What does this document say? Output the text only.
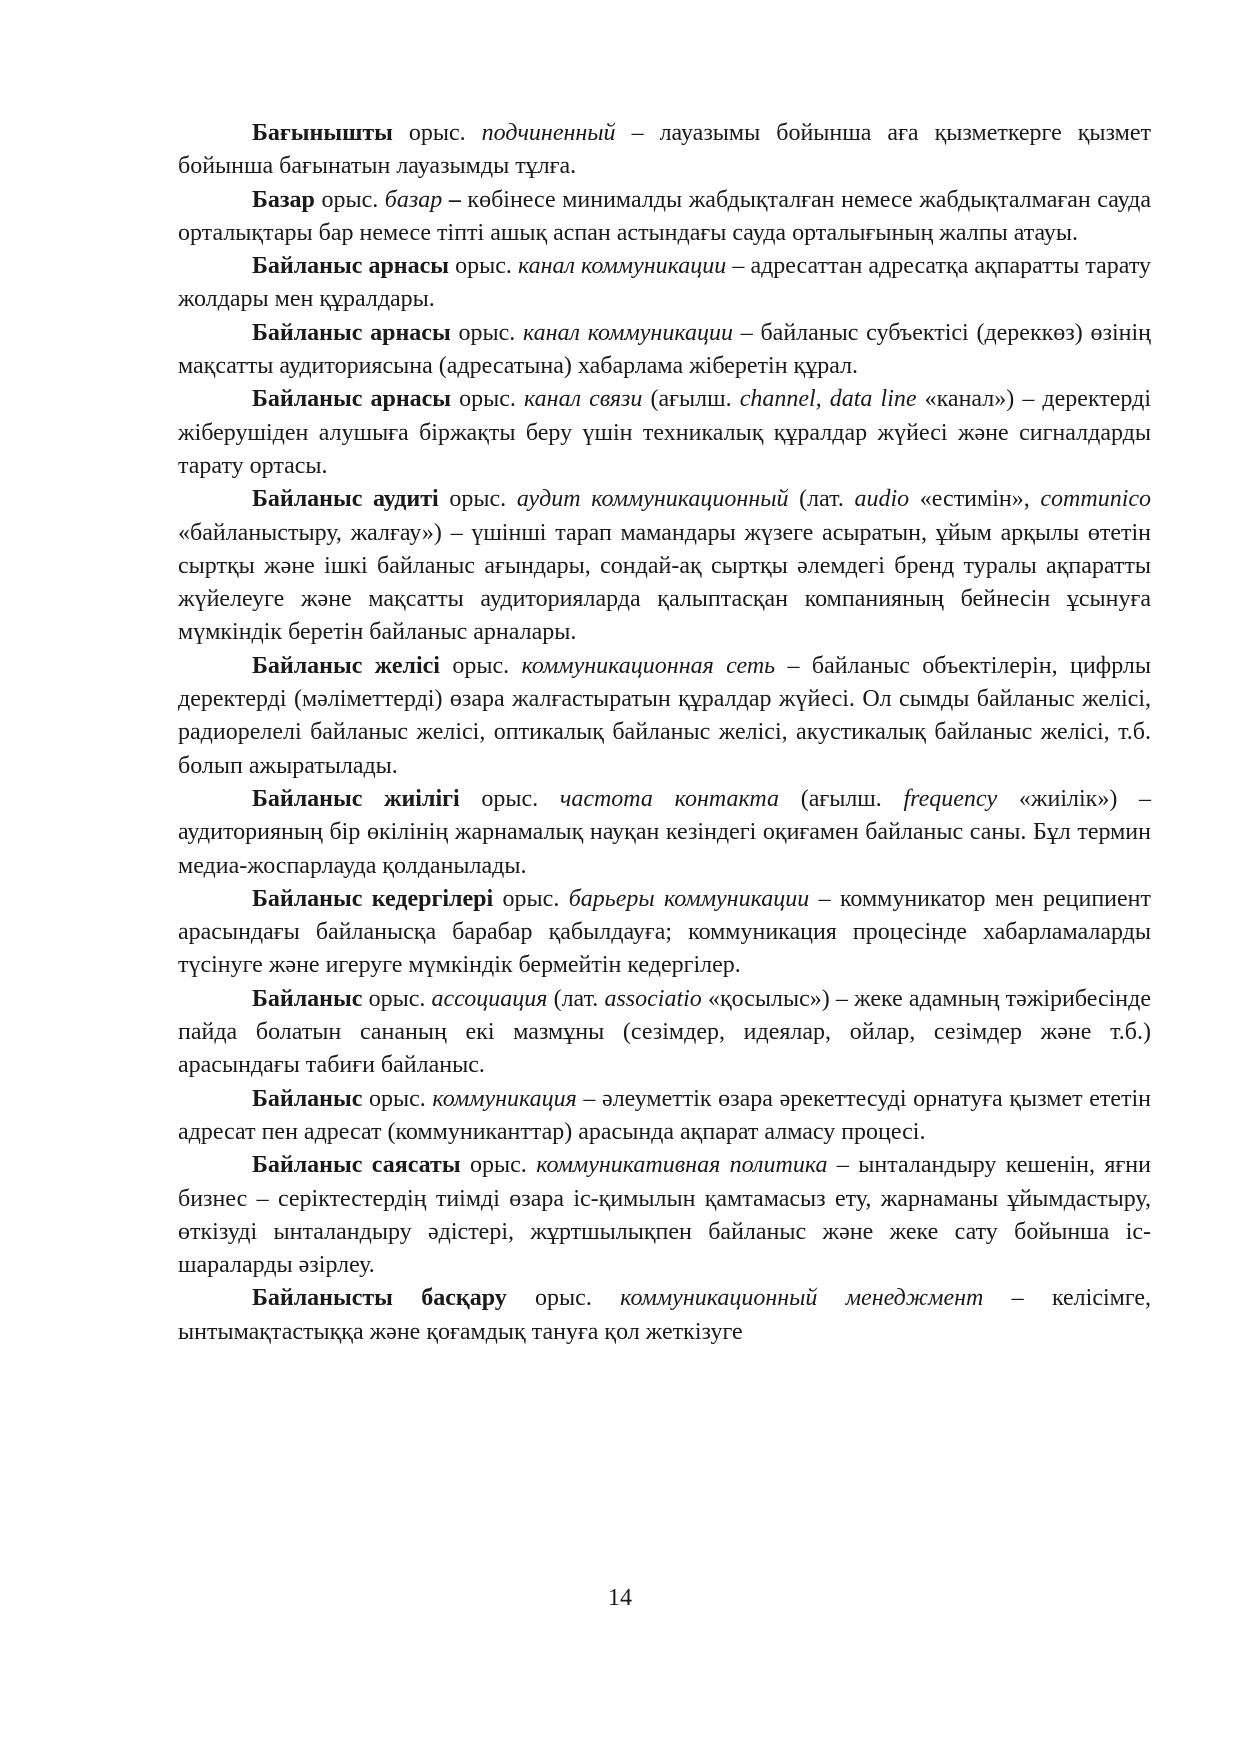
Бағынышты орыс. подчиненный – лауазымы бойынша аға қызметкерге қызмет бойынша бағынатын лауазымды тұлға.

Базар орыс. базар – көбінесе минималды жабдықталған немесе жабдықталмаған сауда орталықтары бар немесе тіпті ашық аспан астындағы сауда орталығының жалпы атауы.

Байланыс арнасы орыс. канал коммуникации – адресаттан адресатқа ақпаратты тарату жолдары мен құралдары.

Байланыс арнасы орыс. канал коммуникации – байланыс субъектісі (дереккөз) өзінің мақсатты аудиториясына (адресатына) хабарлама жіберетін құрал.

Байланыс арнасы орыс. канал связи (ағылш. channel, data line «канал») – деректерді жіберушіден алушыға біржақты беру үшін техникалық құралдар жүйесі және сигналдарды тарату ортасы.

Байланыс аудиті орыс. аудит коммуникационный (лат. audio «естимін», communico «байланыстыру, жалғау») – үшінші тарап мамандары жүзеге асыратын, ұйым арқылы өтетін сыртқы және ішкі байланыс ағындары, сондай-ақ сыртқы әлемдегі бренд туралы ақпаратты жүйелеуге және мақсатты аудиторияларда қалыптасқан компанияның бейнесін ұсынуға мүмкіндік беретін байланыс арналары.

Байланыс желісі орыс. коммуникационная сеть – байланыс объектілерін, цифрлы деректерді (мәліметтерді) өзара жалғастыратын құралдар жүйесі. Ол сымды байланыс желісі, радиорелелі байланыс желісі, оптикалық байланыс желісі, акустикалық байланыс желісі, т.б. болып ажыратылады.

Байланыс жиілігі орыс. частота контакта (ағылш. frequency «жиілік») – аудиторияның бір өкілінің жарнамалық науқан кезіндегі оқиғамен байланыс саны. Бұл термин медиа-жоспарлауда қолданылады.

Байланыс кедергілері орыс. барьеры коммуникации – коммуникатор мен реципиент арасындағы байланысқа барабар қабылдауға; коммуникация процесінде хабарламаларды түсінуге және игеруге мүмкіндік бермейтін кедергілер.

Байланыс орыс. ассоциация (лат. associatio «қосылыс») – жеке адамның тәжірибесінде пайда болатын сананың екі мазмұны (сезімдер, идеялар, ойлар, сезімдер және т.б.) арасындағы табиғи байланыс.

Байланыс орыс. коммуникация – әлеуметтік өзара әрекеттесуді орнатуға қызмет ететін адресат пен адресат (коммуниканттар) арасында ақпарат алмасу процесі.

Байланыс саясаты орыс. коммуникативная политика – ынталандыру кешенін, яғни бизнес – серіктестердің тиімді өзара іс-қимылын қамтамасыз ету, жарнаманы ұйымдастыру, өткізуді ынталандыру әдістері, жұртшылықпен байланыс және жеке сату бойынша іс-шараларды әзірлеу.

Байланысты басқару орыс. коммуникационный менеджмент – келісімге, ынтымақтастыққа және қоғамдық тануға қол жеткізуге

14
